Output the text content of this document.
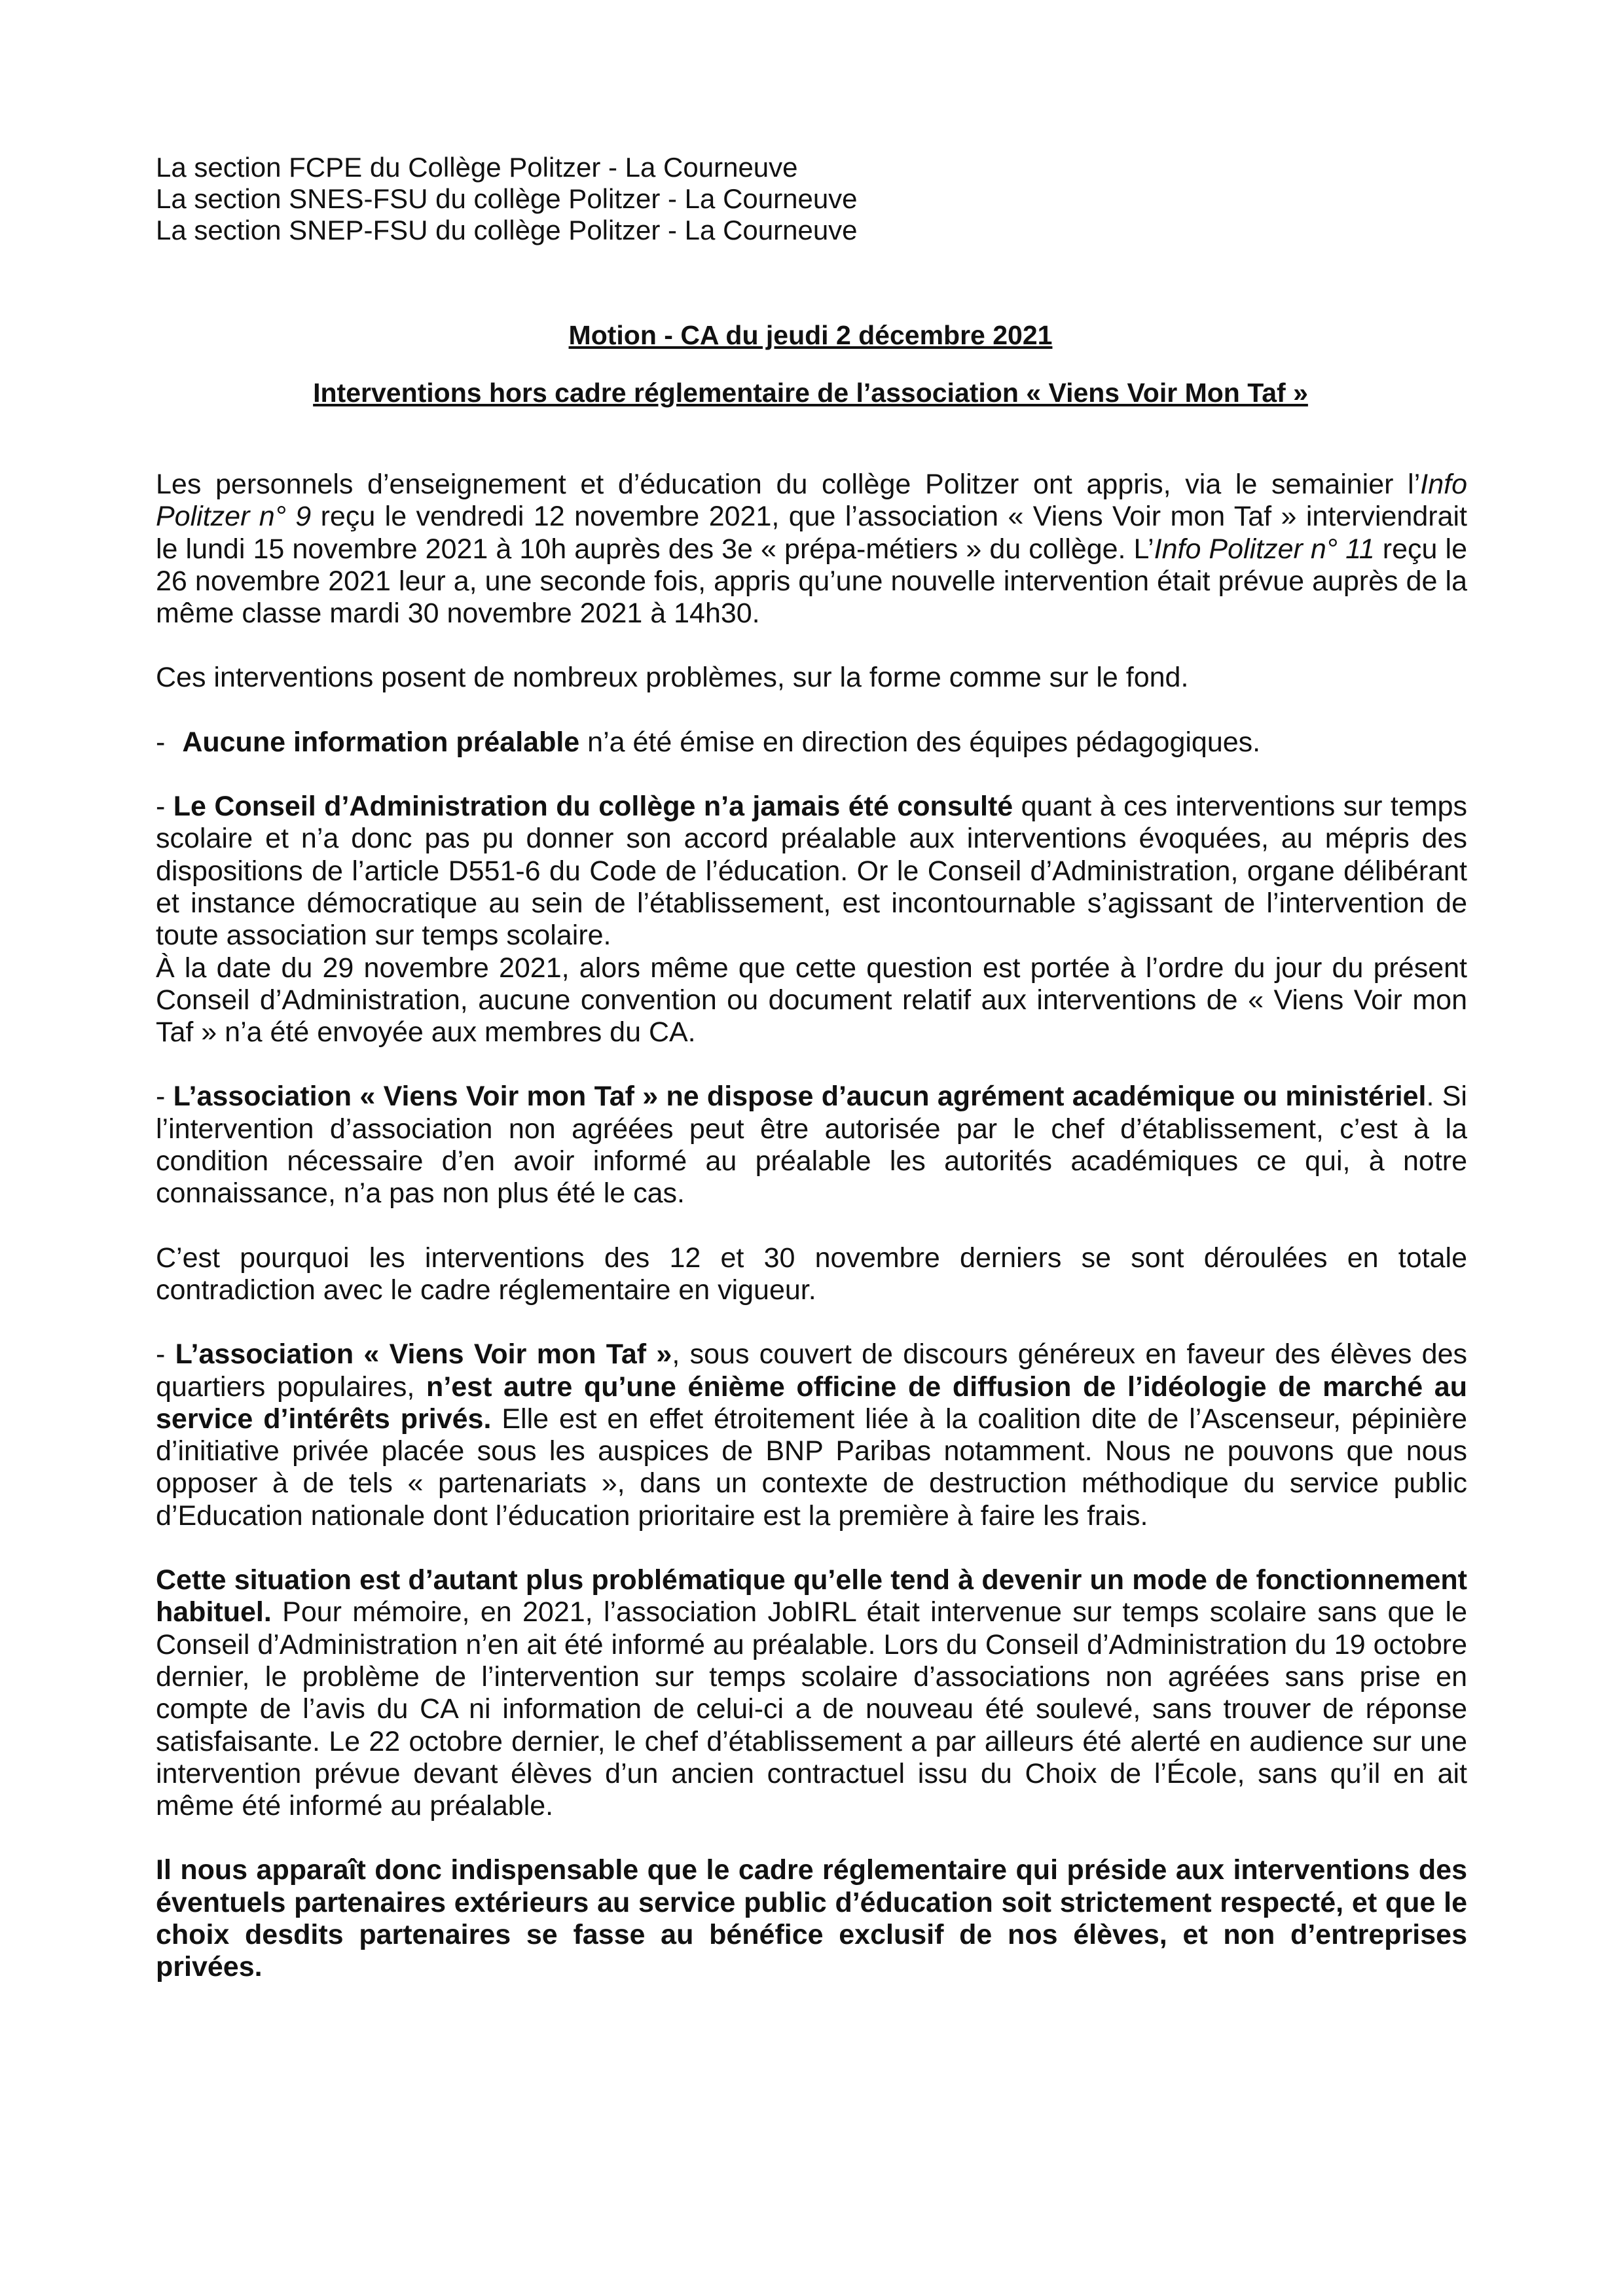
La section FCPE du Collège Politzer - La Courneuve
La section SNES-FSU du collège Politzer - La Courneuve
La section SNEP-FSU du collège Politzer - La Courneuve
Motion - CA du jeudi 2 décembre 2021
Interventions hors cadre réglementaire de l’association « Viens Voir Mon Taf »

Les personnels d’enseignement et d’éducation du collège Politzer ont appris, via le semainier l’Info Politzer n° 9 reçu le vendredi 12 novembre 2021, que l’association « Viens Voir mon Taf » interviendrait le lundi 15 novembre 2021 à 10h auprès des 3e « prépa-métiers » du collège. L’Info Politzer n° 11 reçu le 26 novembre 2021 leur a, une seconde fois, appris qu’une nouvelle intervention était prévue auprès de la même classe mardi 30 novembre 2021 à 14h30.

Ces interventions posent de nombreux problèmes, sur la forme comme sur le fond.

- Aucune information préalable n’a été émise en direction des équipes pédagogiques.

- Le Conseil d’Administration du collège n’a jamais été consulté quant à ces interventions sur temps scolaire et n’a donc pas pu donner son accord préalable aux interventions évoquées, au mépris des dispositions de l’article D551-6 du Code de l’éducation. Or le Conseil d’Administration, organe délibérant et instance démocratique au sein de l’établissement, est incontournable s’agissant de l’intervention de toute association sur temps scolaire.

À la date du 29 novembre 2021, alors même que cette question est portée à l’ordre du jour du présent Conseil d’Administration, aucune convention ou document relatif aux interventions de « Viens Voir mon Taf » n’a été envoyée aux membres du CA.

- L’association « Viens Voir mon Taf » ne dispose d’aucun agrément académique ou ministériel. Si l’intervention d’association non agréées peut être autorisée par le chef d’établissement, c’est à la condition nécessaire d’en avoir informé au préalable les autorités académiques ce qui, à notre connaissance, n’a pas non plus été le cas.

C’est pourquoi les interventions des 12 et 30 novembre derniers se sont déroulées en totale contradiction avec le cadre réglementaire en vigueur.

- L’association « Viens Voir mon Taf », sous couvert de discours généreux en faveur des élèves des quartiers populaires, n’est autre qu’une énième officine de diffusion de l’idéologie de marché au service d’intérêts privés. Elle est en effet étroitement liée à la coalition dite de l’Ascenseur, pépinière d’initiative privée placée sous les auspices de BNP Paribas notamment. Nous ne pouvons que nous opposer à de tels « partenariats », dans un contexte de destruction méthodique du service public d’Education nationale dont l’éducation prioritaire est la première à faire les frais.

Cette situation est d’autant plus problématique qu’elle tend à devenir un mode de fonctionnement habituel. Pour mémoire, en 2021, l’association JobIRL était intervenue sur temps scolaire sans que le Conseil d’Administration n’en ait été informé au préalable. Lors du Conseil d’Administration du 19 octobre dernier, le problème de l’intervention sur temps scolaire d’associations non agréées sans prise en compte de l’avis du CA ni information de celui-ci a de nouveau été soulevé, sans trouver de réponse satisfaisante. Le 22 octobre dernier, le chef d’établissement a par ailleurs été alerté en audience sur une intervention prévue devant élèves d’un ancien contractuel issu du Choix de l’École, sans qu’il en ait même été informé au préalable.

Il nous apparaît donc indispensable que le cadre réglementaire qui préside aux interventions des éventuels partenaires extérieurs au service public d’éducation soit strictement respecté, et que le choix desdits partenaires se fasse au bénéfice exclusif de nos élèves, et non d’entreprises privées.
